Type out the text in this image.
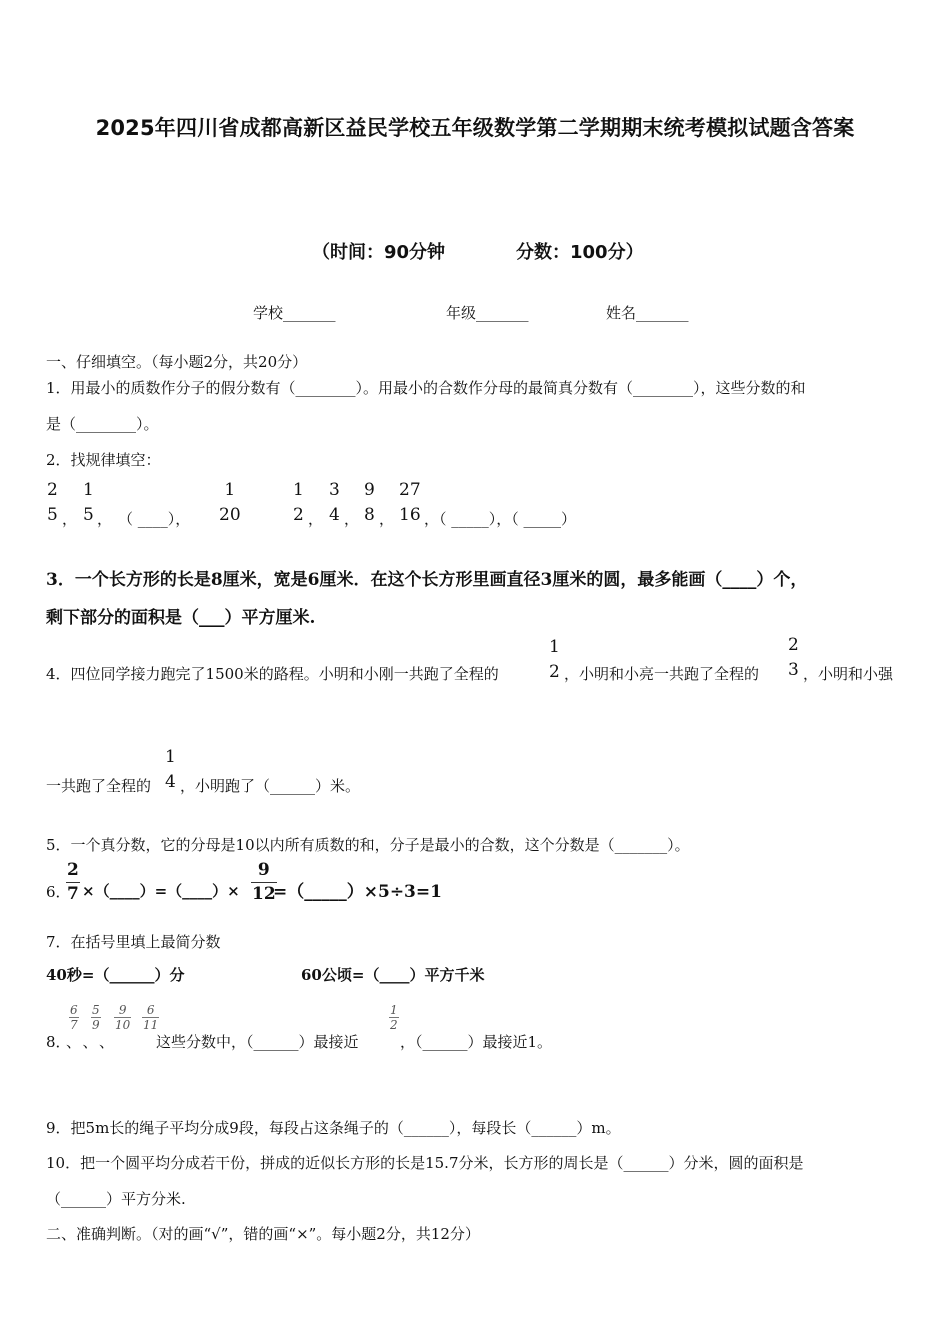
2025年四川省成都高新区益民学校五年级数学第二学期期末统考模拟试题含答案
（时间：90分钟	分数：100分）
学校_______	年级_______	姓名_______
一、仔细填空。（每小题2分，共20分）
1．用最小的质数作分子的假分数有（________）。用最小的合数作分母的最简真分数有（________），这些分数的和
是（________）。
2．找规律填空：
2
5 ，
1
5 ， （ ____），
1
20
1
2 ，
3
4 ，
9
8 ，
27
16 ，（ _____），（ _____）
3．一个长方形的长是8厘米，宽是6厘米．在这个长方形里画直径3厘米的圆，最多能画（____）个，
剩下部分的面积是（___）平方厘米.
4．四位同学接力跑完了1500米的路程。小明和小刚一共跑了全程的
1
2 ，小明和小亮一共跑了全程的
2
3 ，小明和小强
一共跑了全程的
1
4 ，小明跑了（______）米。
5．一个真分数，它的分母是10以内所有质数的和，分子是最小的合数，这个分数是（_______）。
6．
$\frac{2}{7}$ ×（____）=（____）× $\frac{9}{12}$
=（_____）×5÷3=1
7．在括号里填上最简分数
40秒=（______）分	60公顷=（____）平方千米
8．
$\frac{6}{7} \frac{5}{9} \frac{9}{10} \frac{6}{11}$
、、、 这些分数中，（______）最接近
$\frac{1}{2}$
，（______）最接近1。
9．把5m长的绳子平均分成9段，每段占这条绳子的（______），每段长（______）m。
10．把一个圆平均分成若干份，拼成的近似长方形的长是15.7分米，长方形的周长是（______）分米，圆的面积是
（______）平方分米.
二、准确判断。（对的画“√”，错的画“×”。每小题2分，共12分）
